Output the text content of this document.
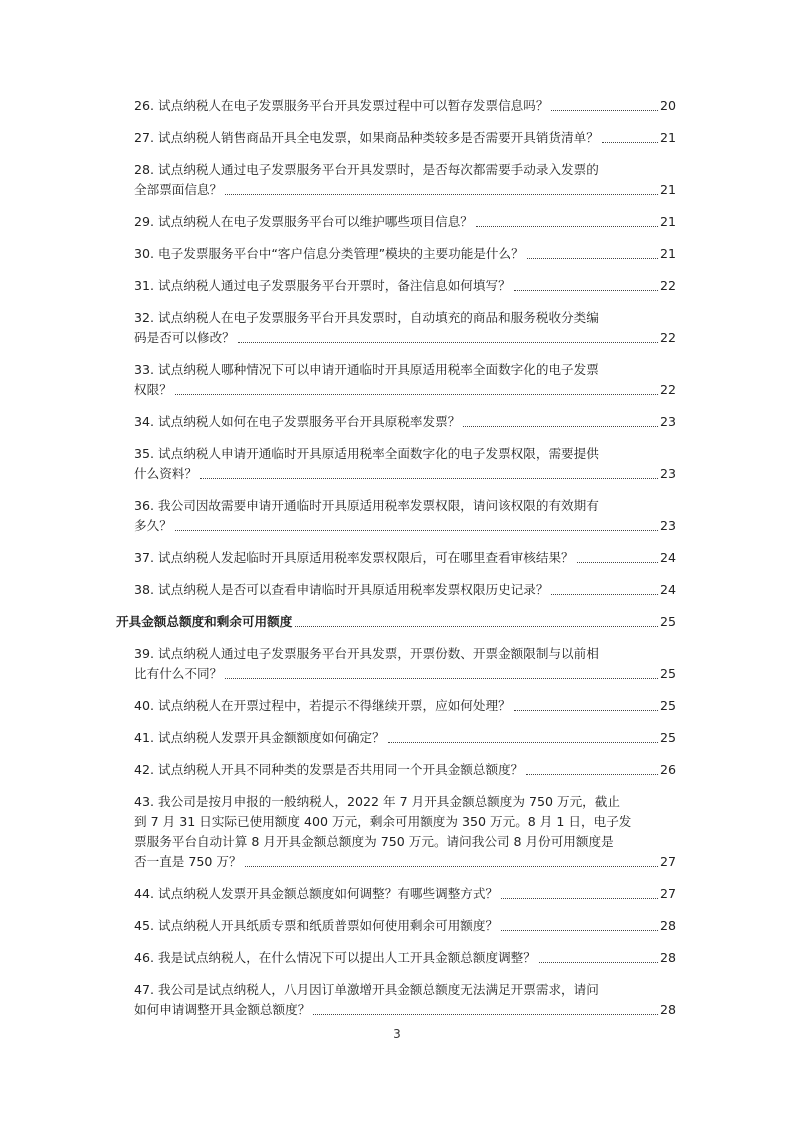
26. 试点纳税人在电子发票服务平台开具发票过程中可以暂存发票信息吗？	20
27. 试点纳税人销售商品开具全电发票，如果商品种类较多是否需要开具销货清单？	21
28. 试点纳税人通过电子发票服务平台开具发票时，是否每次都需要手动录入发票的
全部票面信息？	21
29. 试点纳税人在电子发票服务平台可以维护哪些项目信息？	21
30. 电子发票服务平台中“客户信息分类管理”模块的主要功能是什么？	21
31. 试点纳税人通过电子发票服务平台开票时，备注信息如何填写？	22
32. 试点纳税人在电子发票服务平台开具发票时，自动填充的商品和服务税收分类编
码是否可以修改？	22
33. 试点纳税人哪种情况下可以申请开通临时开具原适用税率全面数字化的电子发票
权限？	22
34. 试点纳税人如何在电子发票服务平台开具原税率发票？	23
35. 试点纳税人申请开通临时开具原适用税率全面数字化的电子发票权限，需要提供
什么资料？	23
36. 我公司因故需要申请开通临时开具原适用税率发票权限，请问该权限的有效期有
多久？	23
37. 试点纳税人发起临时开具原适用税率发票权限后，可在哪里查看审核结果？	24
38. 试点纳税人是否可以查看申请临时开具原适用税率发票权限历史记录？	24
开具金额总额度和剩余可用额度	25
39. 试点纳税人通过电子发票服务平台开具发票，开票份数、开票金额限制与以前相
比有什么不同？	25
40. 试点纳税人在开票过程中，若提示不得继续开票，应如何处理？	25
41. 试点纳税人发票开具金额额度如何确定？	25
42. 试点纳税人开具不同种类的发票是否共用同一个开具金额总额度？	26
43. 我公司是按月申报的一般纳税人，2022 年 7 月开具金额总额度为 750 万元，截止
到 7 月 31 日实际已使用额度 400 万元，剩余可用额度为 350 万元。8 月 1 日，电子发
票服务平台自动计算 8 月开具金额总额度为 750 万元。请问我公司 8 月份可用额度是
否一直是 750 万？	27
44. 试点纳税人发票开具金额总额度如何调整？有哪些调整方式？	27
45. 试点纳税人开具纸质专票和纸质普票如何使用剩余可用额度？	28
46. 我是试点纳税人，在什么情况下可以提出人工开具金额总额度调整？	28
47. 我公司是试点纳税人，八月因订单激增开具金额总额度无法满足开票需求，请问
如何申请调整开具金额总额度？	28
3
